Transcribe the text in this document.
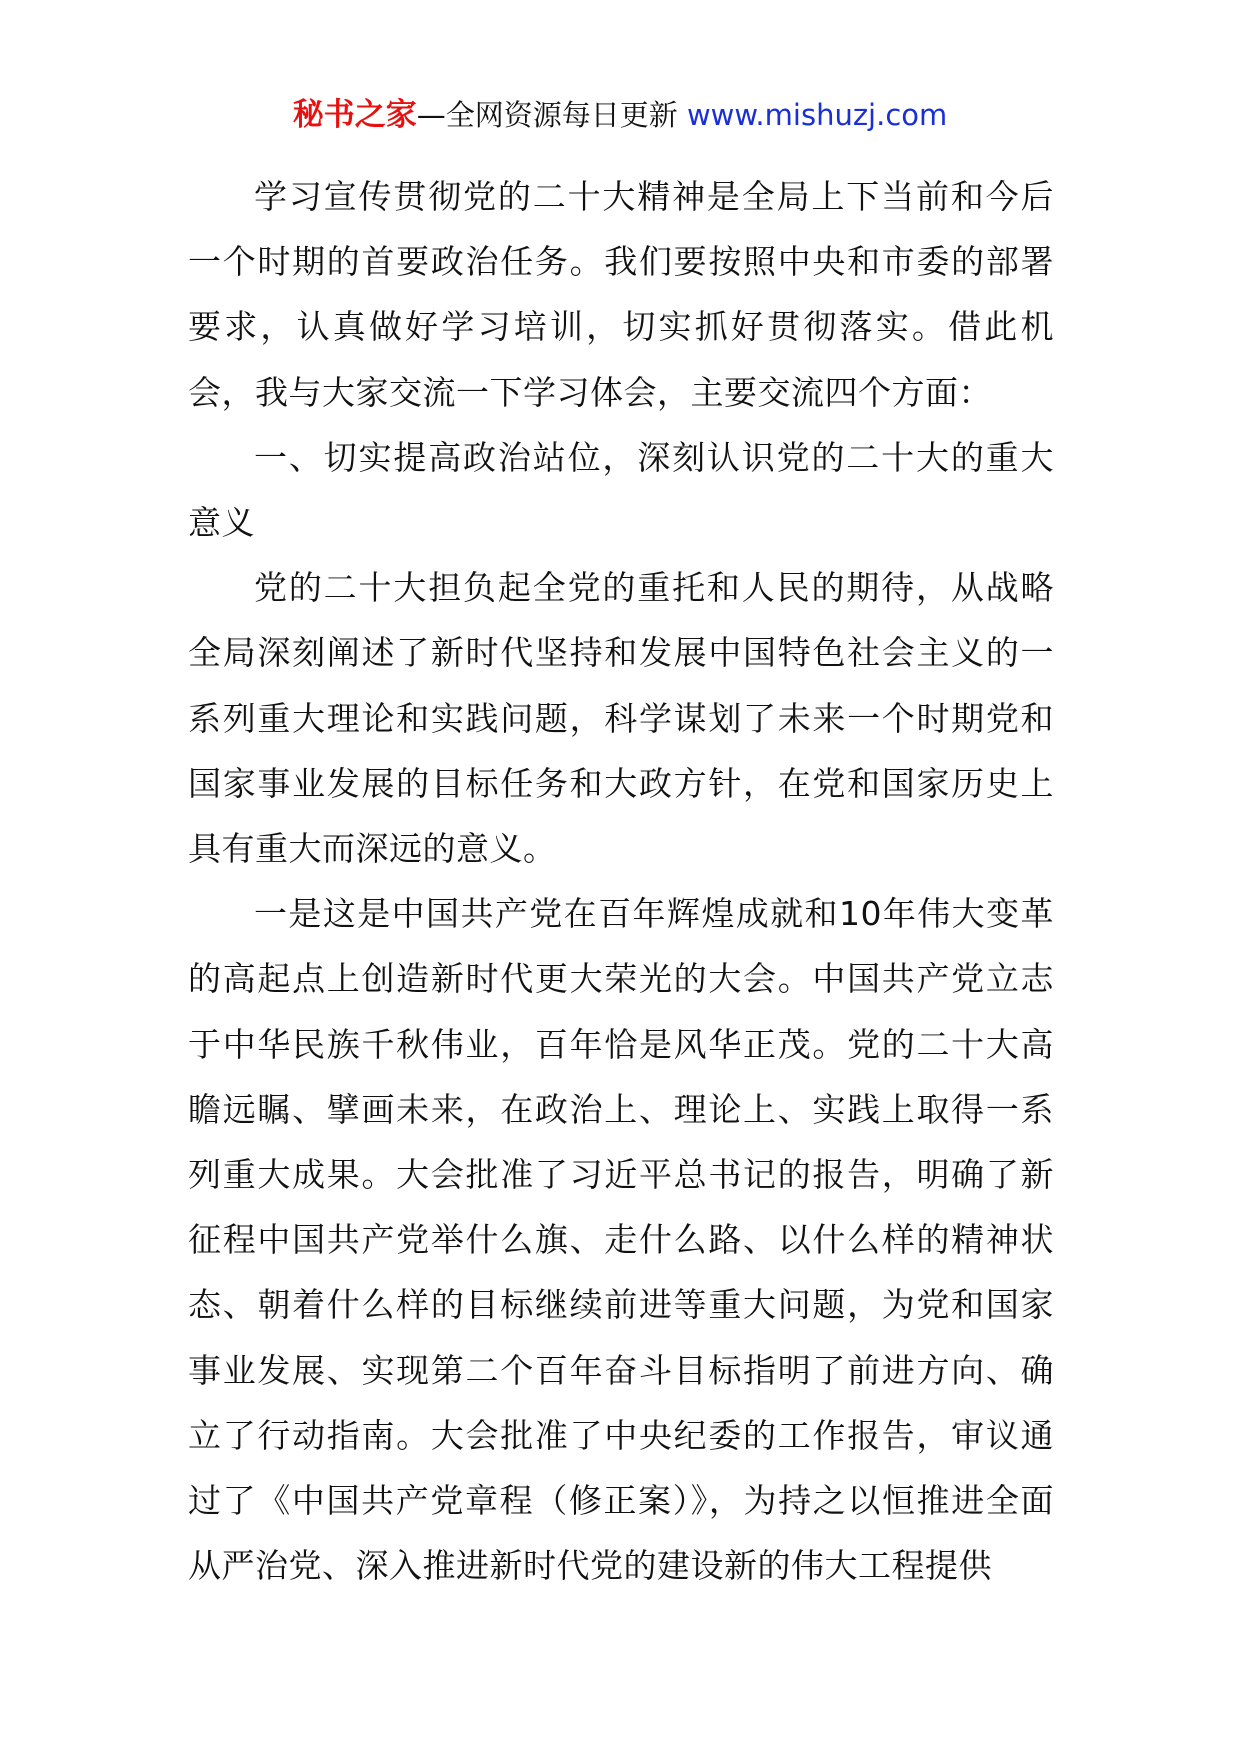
秘书之家—全网资源每日更新 www.mishuzj.com

学习宣传贯彻党的二十大精神是全局上下当前和今后一个时期的首要政治任务。我们要按照中央和市委的部署要求，认真做好学习培训，切实抓好贯彻落实。借此机会，我与大家交流一下学习体会，主要交流四个方面：

一、切实提高政治站位，深刻认识党的二十大的重大意义

党的二十大担负起全党的重托和人民的期待，从战略全局深刻阐述了新时代坚持和发展中国特色社会主义的一系列重大理论和实践问题，科学谋划了未来一个时期党和国家事业发展的目标任务和大政方针，在党和国家历史上具有重大而深远的意义。

一是这是中国共产党在百年辉煌成就和10年伟大变革的高起点上创造新时代更大荣光的大会。中国共产党立志于中华民族千秋伟业，百年恰是风华正茂。党的二十大高瞻远瞩、擘画未来，在政治上、理论上、实践上取得一系列重大成果。大会批准了习近平总书记的报告，明确了新征程中国共产党举什么旗、走什么路、以什么样的精神状态、朝着什么样的目标继续前进等重大问题，为党和国家事业发展、实现第二个百年奋斗目标指明了前进方向、确立了行动指南。大会批准了中央纪委的工作报告，审议通过了《中国共产党章程（修正案）》，为持之以恒推进全面从严治党、深入推进新时代党的建设新的伟大工程提供
